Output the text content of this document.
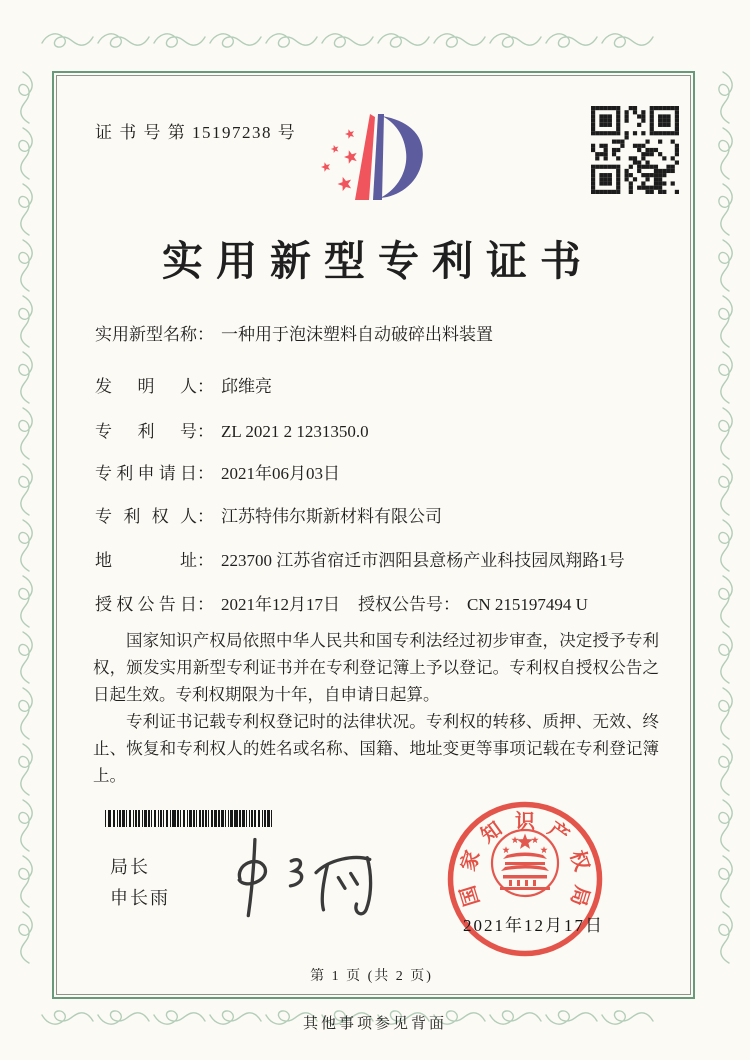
证 书 号 第 15197238 号
实用新型专利证书
实用新型名称： 一种用于泡沫塑料自动破碎出料装置
发明人： 邱维亮
专利号： ZL 2021 2 1231350.0
专利申请日： 2021年06月03日
专利权人： 江苏特伟尔斯新材料有限公司
地址： 223700 江苏省宿迁市泗阳县意杨产业科技园凤翔路1号
授权公告日： 2021年12月17日 授权公告号： CN 215197494 U
国家知识产权局依照中华人民共和国专利法经过初步审查，决定授予专利权，颁发实用新型专利证书并在专利登记簿上予以登记。专利权自授权公告之日起生效。专利权期限为十年，自申请日起算。
专利证书记载专利权登记时的法律状况。专利权的转移、质押、无效、终止、恢复和专利权人的姓名或名称、国籍、地址变更等事项记载在专利登记簿上。
局长
申长雨	国
家
知 识 产
权
局
2021年12月17日
第 1 页 (共 2 页)
其他事项参见背面
